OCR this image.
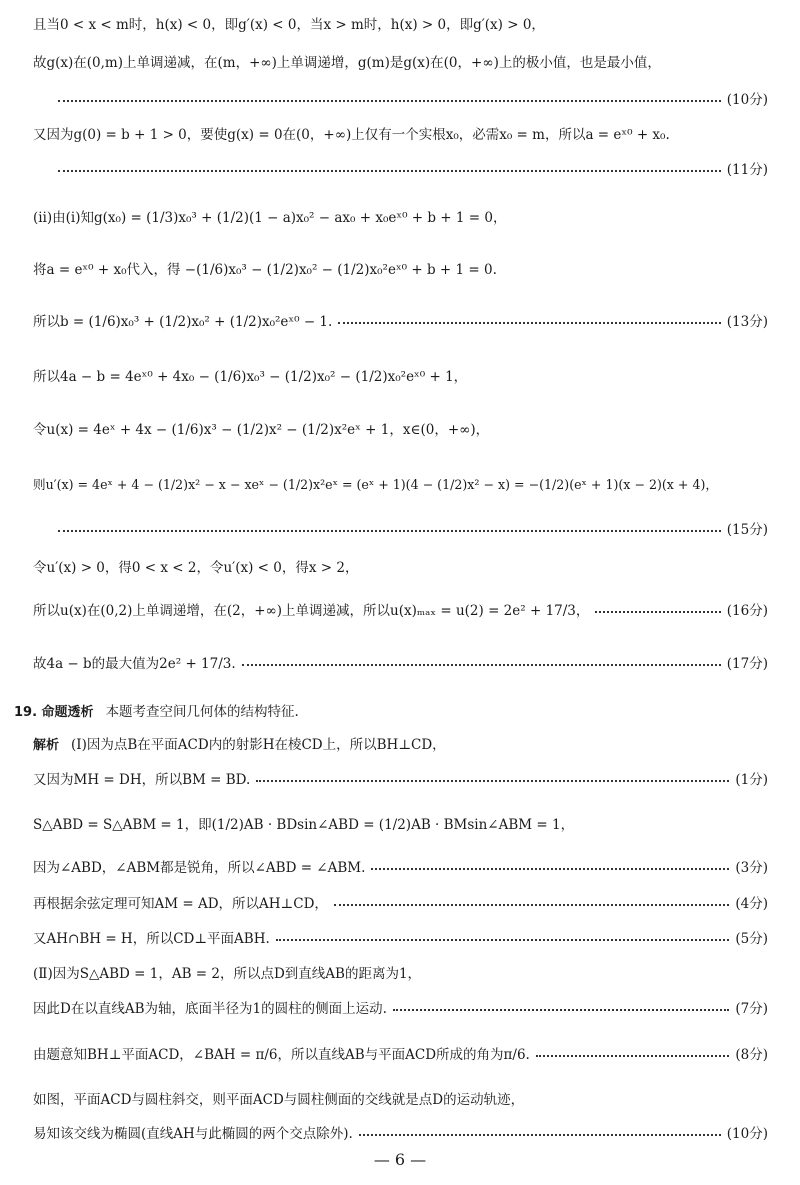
且当0 < x < m时，h(x) < 0，即g′(x) < 0，当x > m时，h(x) > 0，即g′(x) > 0，
故g(x)在(0,m)上单调递减，在(m，+∞)上单调递增，g(m)是g(x)在(0，+∞)上的极小值，也是最小值，
(10分)
又因为g(0) = b + 1 > 0，要使g(x) = 0在(0，+∞)上仅有一个实根x₀，必需x₀ = m，所以a = eˣ⁰ + x₀.
(11分)
(ⅱ)由(ⅰ)知g(x₀) = (1/3)x₀³ + (1/2)(1 − a)x₀² − ax₀ + x₀eˣ⁰ + b + 1 = 0，
将a = eˣ⁰ + x₀代入，得 −(1/6)x₀³ − (1/2)x₀² − (1/2)x₀²eˣ⁰ + b + 1 = 0.
所以b = (1/6)x₀³ + (1/2)x₀² + (1/2)x₀²eˣ⁰ − 1.	(13分)
所以4a − b = 4eˣ⁰ + 4x₀ − (1/6)x₀³ − (1/2)x₀² − (1/2)x₀²eˣ⁰ + 1，
令u(x) = 4eˣ + 4x − (1/6)x³ − (1/2)x² − (1/2)x²eˣ + 1，x∈(0，+∞)，
则u′(x) = 4eˣ + 4 − (1/2)x² − x − xeˣ − (1/2)x²eˣ = (eˣ + 1)(4 − (1/2)x² − x) = −(1/2)(eˣ + 1)(x − 2)(x + 4)，
(15分)
令u′(x) > 0，得0 < x < 2，令u′(x) < 0，得x > 2，
所以u(x)在(0,2)上单调递增，在(2，+∞)上单调递减，所以u(x)ₘₐₓ = u(2) = 2e² + 17/3，	(16分)
故4a − b的最大值为2e² + 17/3.	(17分)
19. 命题透析 本题考查空间几何体的结构特征.
解析 (Ⅰ)因为点B在平面ACD内的射影H在棱CD上，所以BH⊥CD，
又因为MH = DH，所以BM = BD.	(1分)
S△ABD = S△ABM = 1，即(1/2)AB · BDsin∠ABD = (1/2)AB · BMsin∠ABM = 1，
因为∠ABD，∠ABM都是锐角，所以∠ABD = ∠ABM.	(3分)
再根据余弦定理可知AM = AD，所以AH⊥CD，	(4分)
又AH∩BH = H，所以CD⊥平面ABH.	(5分)
(Ⅱ)因为S△ABD = 1，AB = 2，所以点D到直线AB的距离为1，
因此D在以直线AB为轴，底面半径为1的圆柱的侧面上运动.	(7分)
由题意知BH⊥平面ACD，∠BAH = π/6，所以直线AB与平面ACD所成的角为π/6.	(8分)
如图，平面ACD与圆柱斜交，则平面ACD与圆柱侧面的交线就是点D的运动轨迹，
易知该交线为椭圆(直线AH与此椭圆的两个交点除外).	(10分)
— 6 —
